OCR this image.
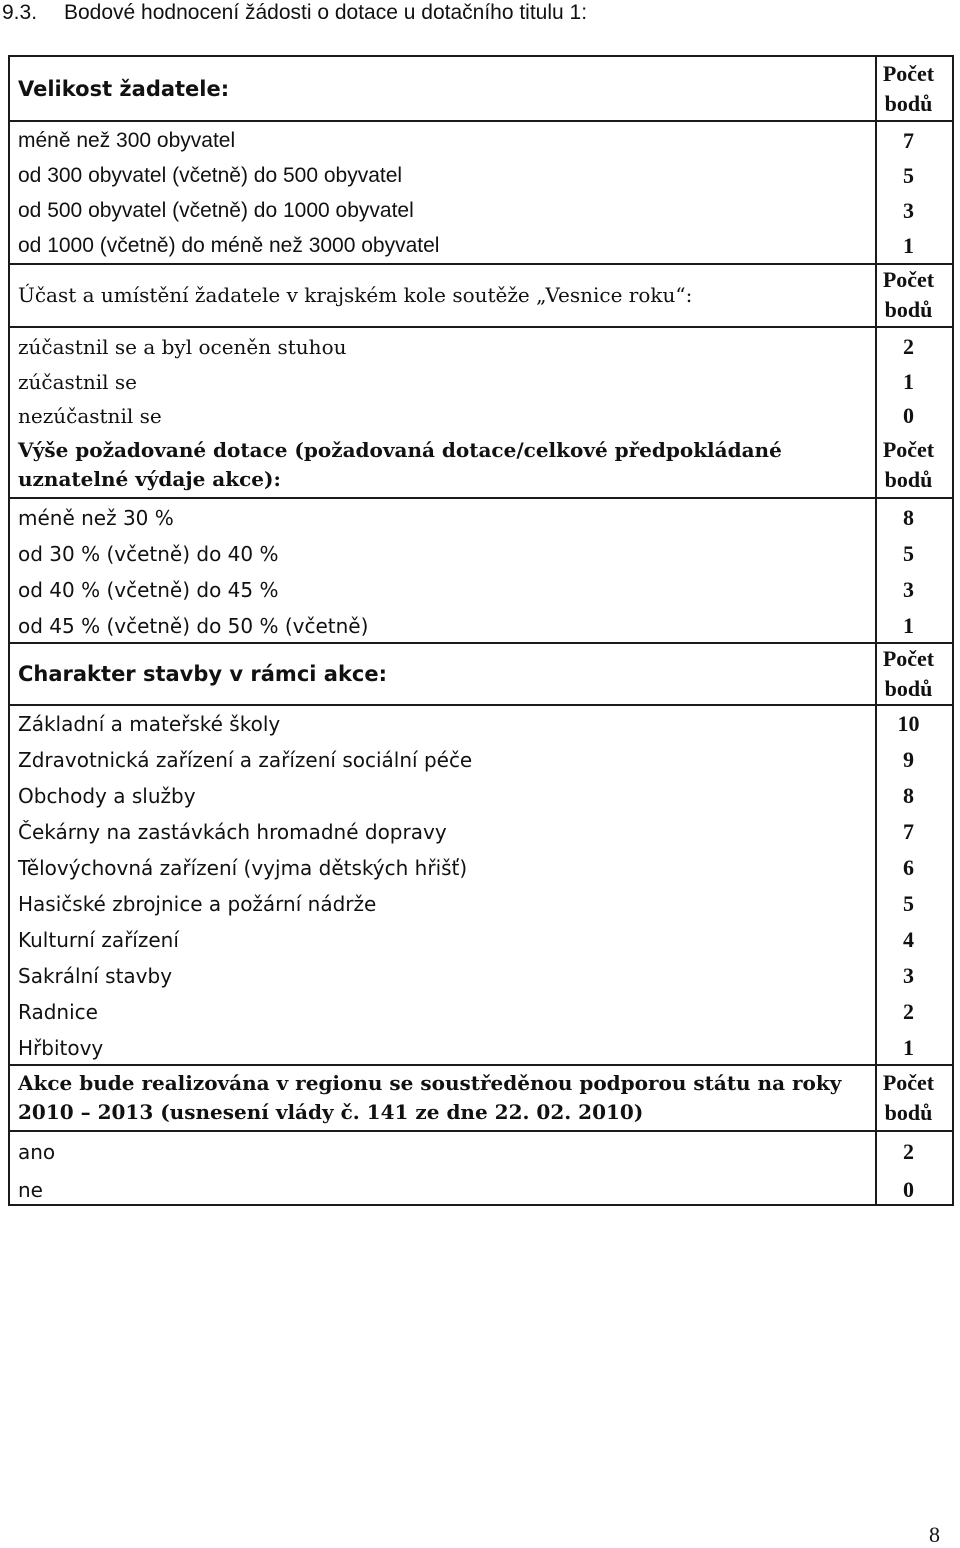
9.3. Bodové hodnocení žádosti o dotace u dotačního titulu 1:
Velikost žadatele:
Počet
bodů
méně než 300 obyvatel	7
od 300 obyvatel (včetně) do 500 obyvatel	5
od 500 obyvatel (včetně) do 1000 obyvatel	3
od 1000 (včetně) do méně než 3000 obyvatel	1
Účast a umístění žadatele v krajském kole soutěže „Vesnice roku“:
Počet
bodů
zúčastnil se a byl oceněn stuhou	2
zúčastnil se	1
nezúčastnil se	0
Výše požadované dotace (požadovaná dotace/celkové předpokládané
uznatelné výdaje akce):
Počet
bodů
méně než 30 %	8
od 30 % (včetně) do 40 %	5
od 40 % (včetně) do 45 %	3
od 45 % (včetně) do 50 % (včetně)	1
Charakter stavby v rámci akce:
Počet
bodů
Základní a mateřské školy	10
Zdravotnická zařízení a zařízení sociální péče	9
Obchody a služby	8
Čekárny na zastávkách hromadné dopravy	7
Tělovýchovná zařízení (vyjma dětských hřišť)	6
Hasičské zbrojnice a požární nádrže	5
Kulturní zařízení	4
Sakrální stavby	3
Radnice	2
Hřbitovy	1
Akce bude realizována v regionu se soustředěnou podporou státu na roky
2010 – 2013 (usnesení vlády č. 141 ze dne 22. 02. 2010)
Počet
bodů
ano	2
ne	0
8
